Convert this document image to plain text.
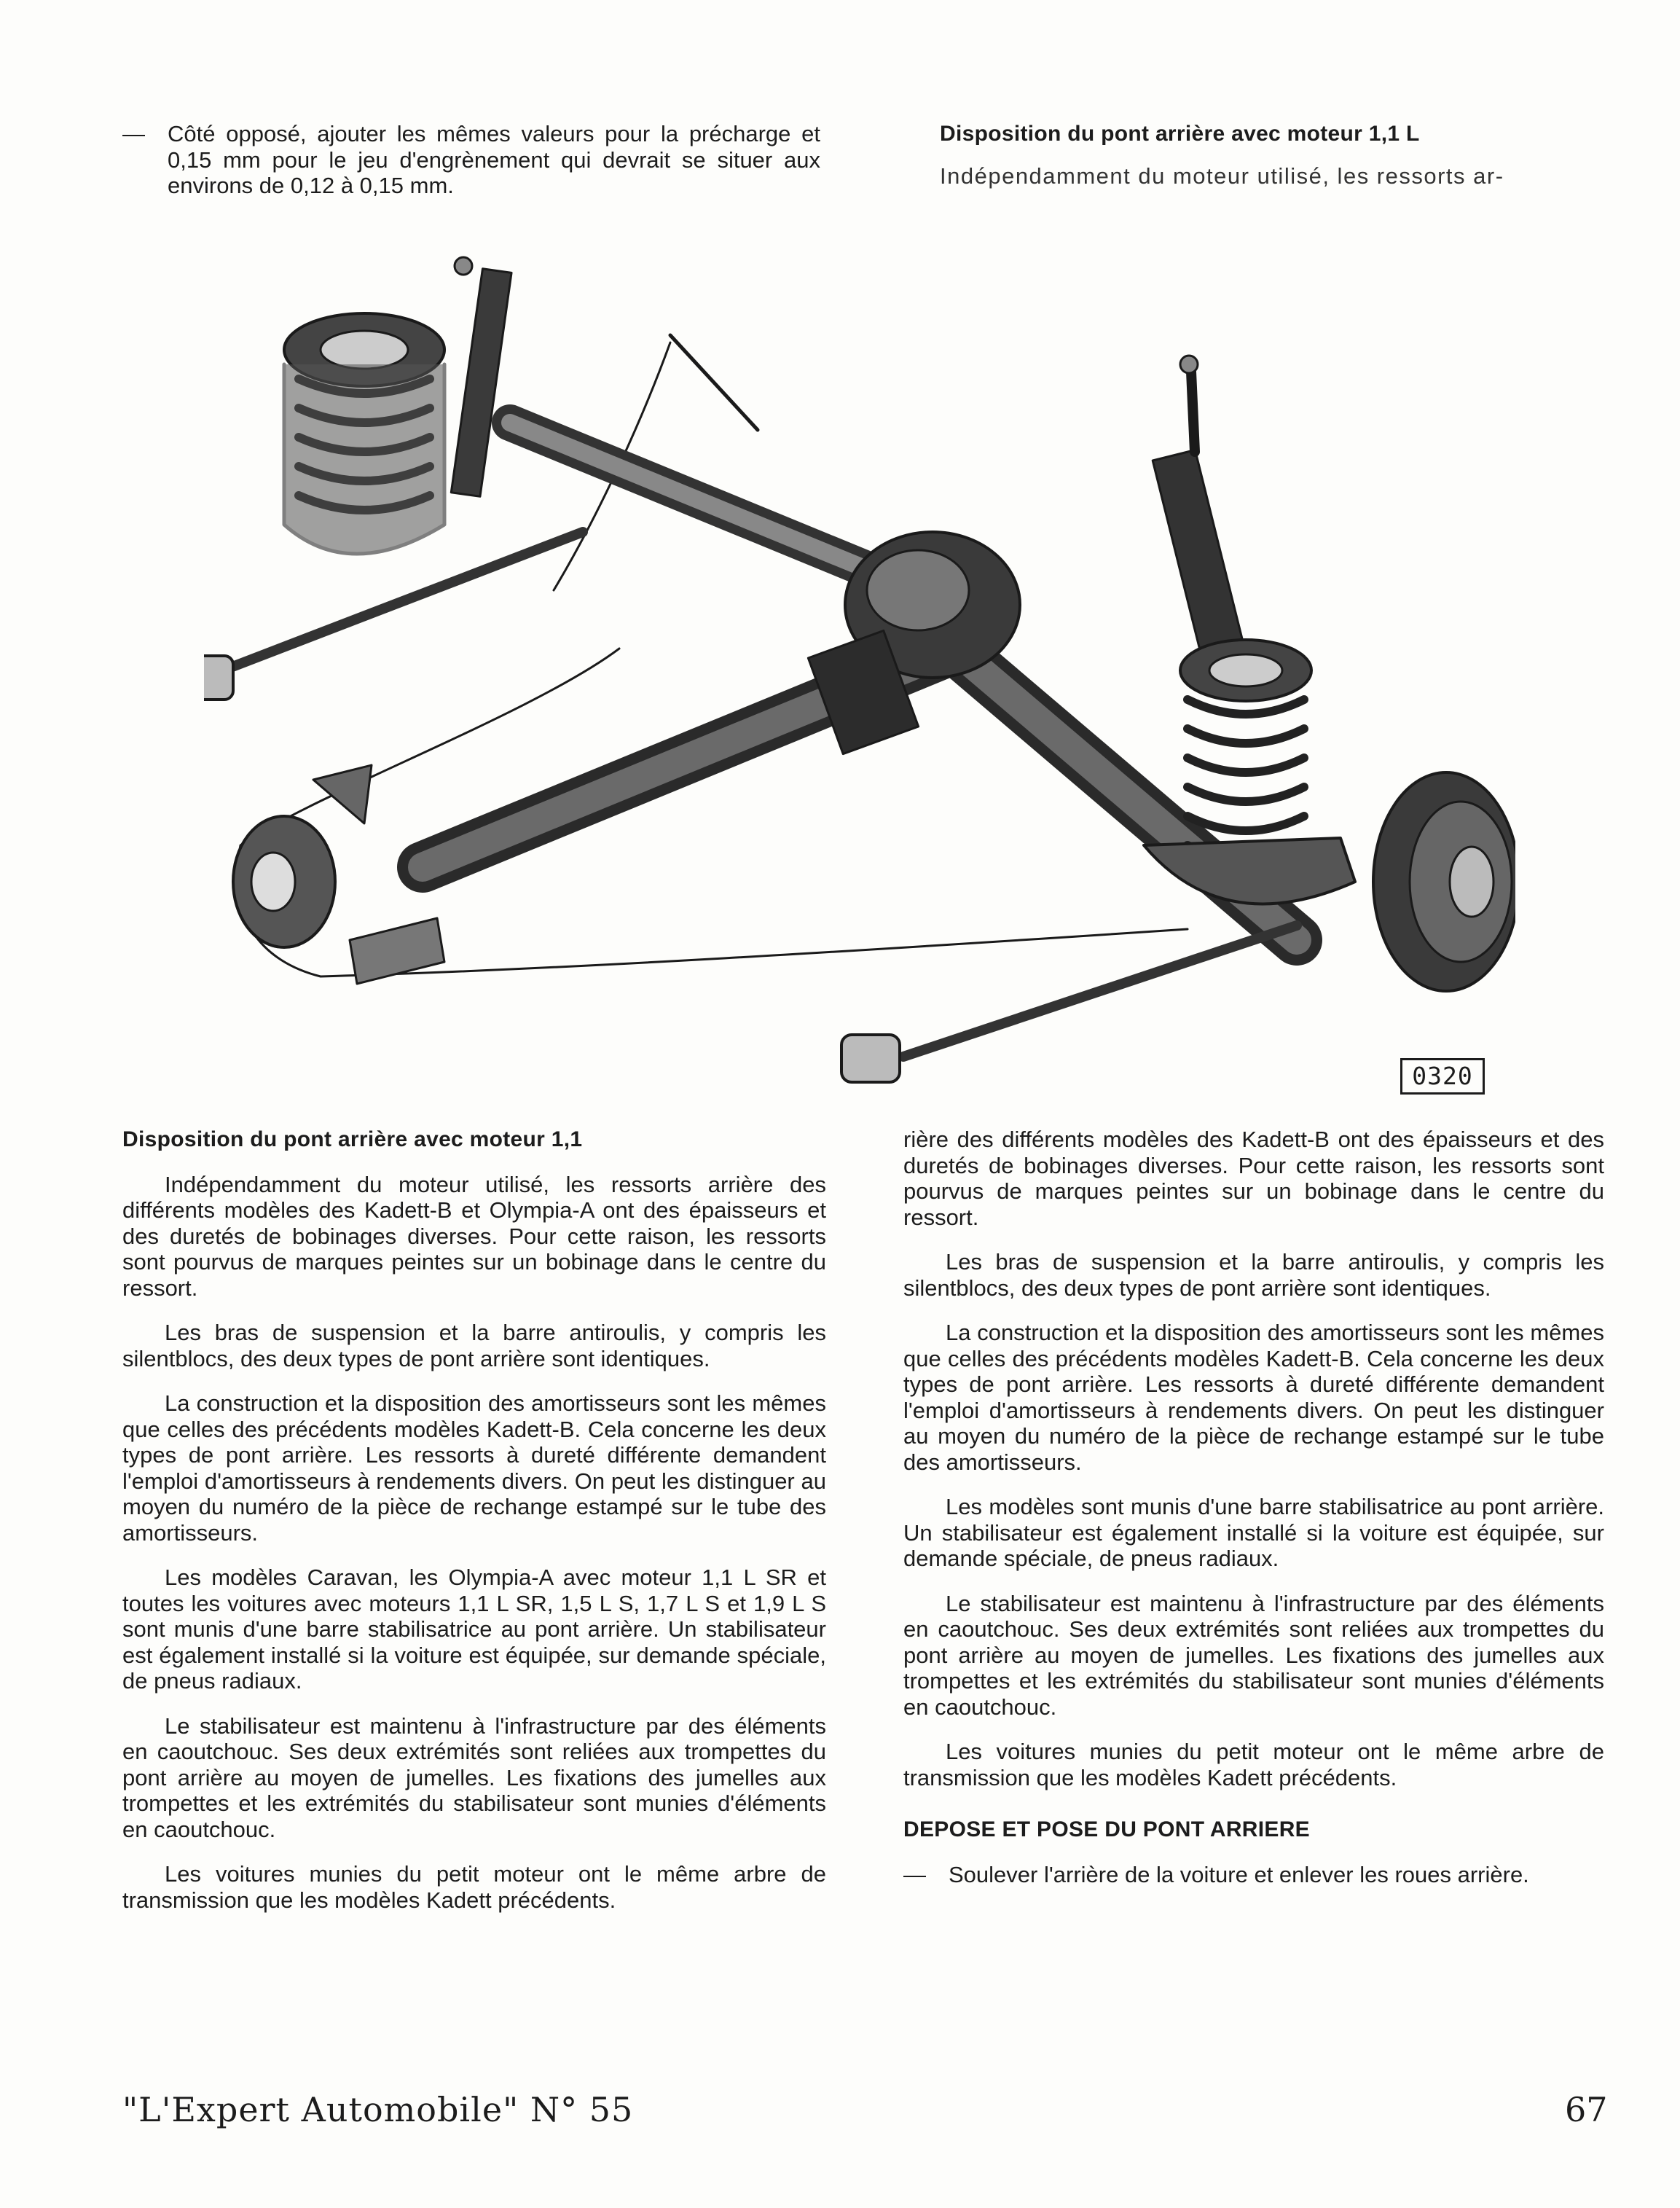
— Côté opposé, ajouter les mêmes valeurs pour la précharge et 0,15 mm pour le jeu d'engrènement qui devrait se situer aux environs de 0,12 à 0,15 mm.

Disposition du pont arrière avec moteur 1,1 L

Indépendamment du moteur utilisé, les ressorts ar-

0320

Disposition du pont arrière avec moteur 1,1

Indépendamment du moteur utilisé, les ressorts arrière des différents modèles des Kadett-B et Olympia-A ont des épaisseurs et des duretés de bobinages diverses. Pour cette raison, les ressorts sont pourvus de marques peintes sur un bobinage dans le centre du ressort.

Les bras de suspension et la barre antiroulis, y compris les silentblocs, des deux types de pont arrière sont identiques.

La construction et la disposition des amortisseurs sont les mêmes que celles des précédents modèles Kadett-B. Cela concerne les deux types de pont arrière. Les ressorts à dureté différente demandent l'emploi d'amortisseurs à rendements divers. On peut les distinguer au moyen du numéro de la pièce de rechange estampé sur le tube des amortisseurs.

Les modèles Caravan, les Olympia-A avec moteur 1,1 L SR et toutes les voitures avec moteurs 1,1 L SR, 1,5 L S, 1,7 L S et 1,9 L S sont munis d'une barre stabilisatrice au pont arrière. Un stabilisateur est également installé si la voiture est équipée, sur demande spéciale, de pneus radiaux.

Le stabilisateur est maintenu à l'infrastructure par des éléments en caoutchouc. Ses deux extrémités sont reliées aux trompettes du pont arrière au moyen de jumelles. Les fixations des jumelles aux trompettes et les extrémités du stabilisateur sont munies d'éléments en caoutchouc.

Les voitures munies du petit moteur ont le même arbre de transmission que les modèles Kadett précédents.

rière des différents modèles des Kadett-B ont des épaisseurs et des duretés de bobinages diverses. Pour cette raison, les ressorts sont pourvus de marques peintes sur un bobinage dans le centre du ressort.

Les bras de suspension et la barre antiroulis, y compris les silentblocs, des deux types de pont arrière sont identiques.

La construction et la disposition des amortisseurs sont les mêmes que celles des précédents modèles Kadett-B. Cela concerne les deux types de pont arrière. Les ressorts à dureté différente demandent l'emploi d'amortisseurs à rendements divers. On peut les distinguer au moyen du numéro de la pièce de rechange estampé sur le tube des amortisseurs.

Les modèles sont munis d'une barre stabilisatrice au pont arrière. Un stabilisateur est également installé si la voiture est équipée, sur demande spéciale, de pneus radiaux.

Le stabilisateur est maintenu à l'infrastructure par des éléments en caoutchouc. Ses deux extrémités sont reliées aux trompettes du pont arrière au moyen de jumelles. Les fixations des jumelles aux trompettes et les extrémités du stabilisateur sont munies d'éléments en caoutchouc.

Les voitures munies du petit moteur ont le même arbre de transmission que les modèles Kadett précédents.

DEPOSE ET POSE DU PONT ARRIERE

— Soulever l'arrière de la voiture et enlever les roues arrière.

"L'Expert Automobile" N° 55	67
